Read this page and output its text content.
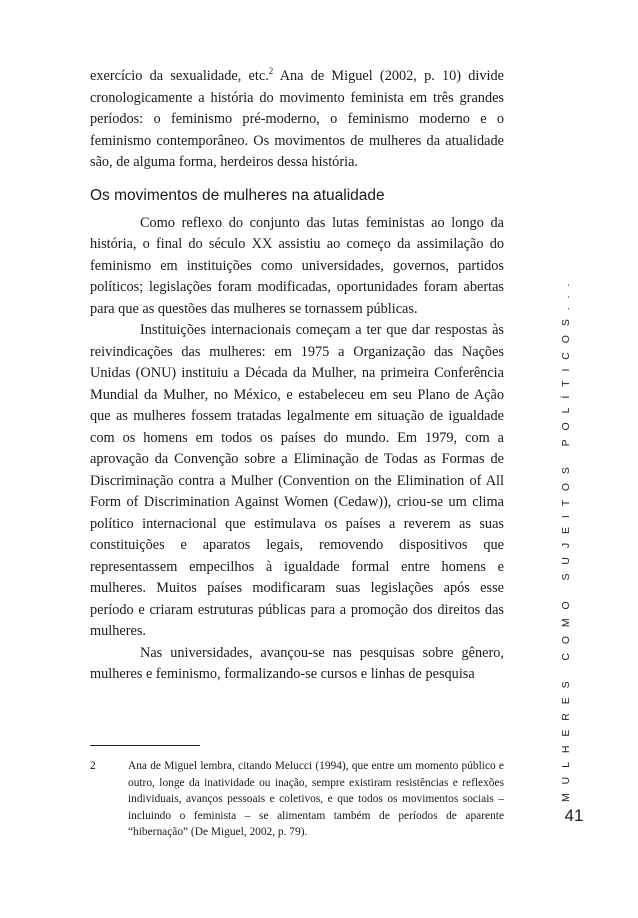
exercício da sexualidade, etc.$^2$ Ana de Miguel (2002, p. 10) divide cronologicamente a história do movimento feminista em três grandes períodos: o feminismo pré-moderno, o feminismo moderno e o feminismo contemporâneo. Os movimentos de mulheres da atualidade são, de alguma forma, herdeiros dessa história.

Os movimentos de mulheres na atualidade

Como reflexo do conjunto das lutas feministas ao longo da história, o final do século XX assistiu ao começo da assimilação do feminismo em instituições como universidades, governos, partidos políticos; legislações foram modificadas, oportunidades foram abertas para que as questões das mulheres se tornassem públicas.

Instituições internacionais começam a ter que dar respostas às reivindicações das mulheres: em 1975 a Organização das Nações Unidas (ONU) instituiu a Década da Mulher, na primeira Conferência Mundial da Mulher, no México, e estabeleceu em seu Plano de Ação que as mulheres fossem tratadas legalmente em situação de igualdade com os homens em todos os países do mundo. Em 1979, com a aprovação da Convenção sobre a Eliminação de Todas as Formas de Discriminação contra a Mulher (Convention on the Elimination of All Form of Discrimination Against Women (Cedaw)), criou-se um clima político internacional que estimulava os países a reverem as suas constituições e aparatos legais, removendo dispositivos que representassem empecilhos à igualdade formal entre homens e mulheres. Muitos países modificaram suas legislações após esse período e criaram estruturas públicas para a promoção dos direitos das mulheres.

Nas universidades, avançou-se nas pesquisas sobre gênero, mulheres e feminismo, formalizando-se cursos e linhas de pesquisa

2	Ana de Miguel lembra, citando Melucci (1994), que entre um momento público e outro, longe da inatividade ou inação, sempre existiram resistências e reflexões individuais, avanços pessoais e coletivos, e que todos os movimentos sociais – incluindo o feminista – se alimentam também de períodos de aparente “hibernação” (De Miguel, 2002, p. 79).
MULHERES COMO SUJEITOS POLÍTICOS...
41
